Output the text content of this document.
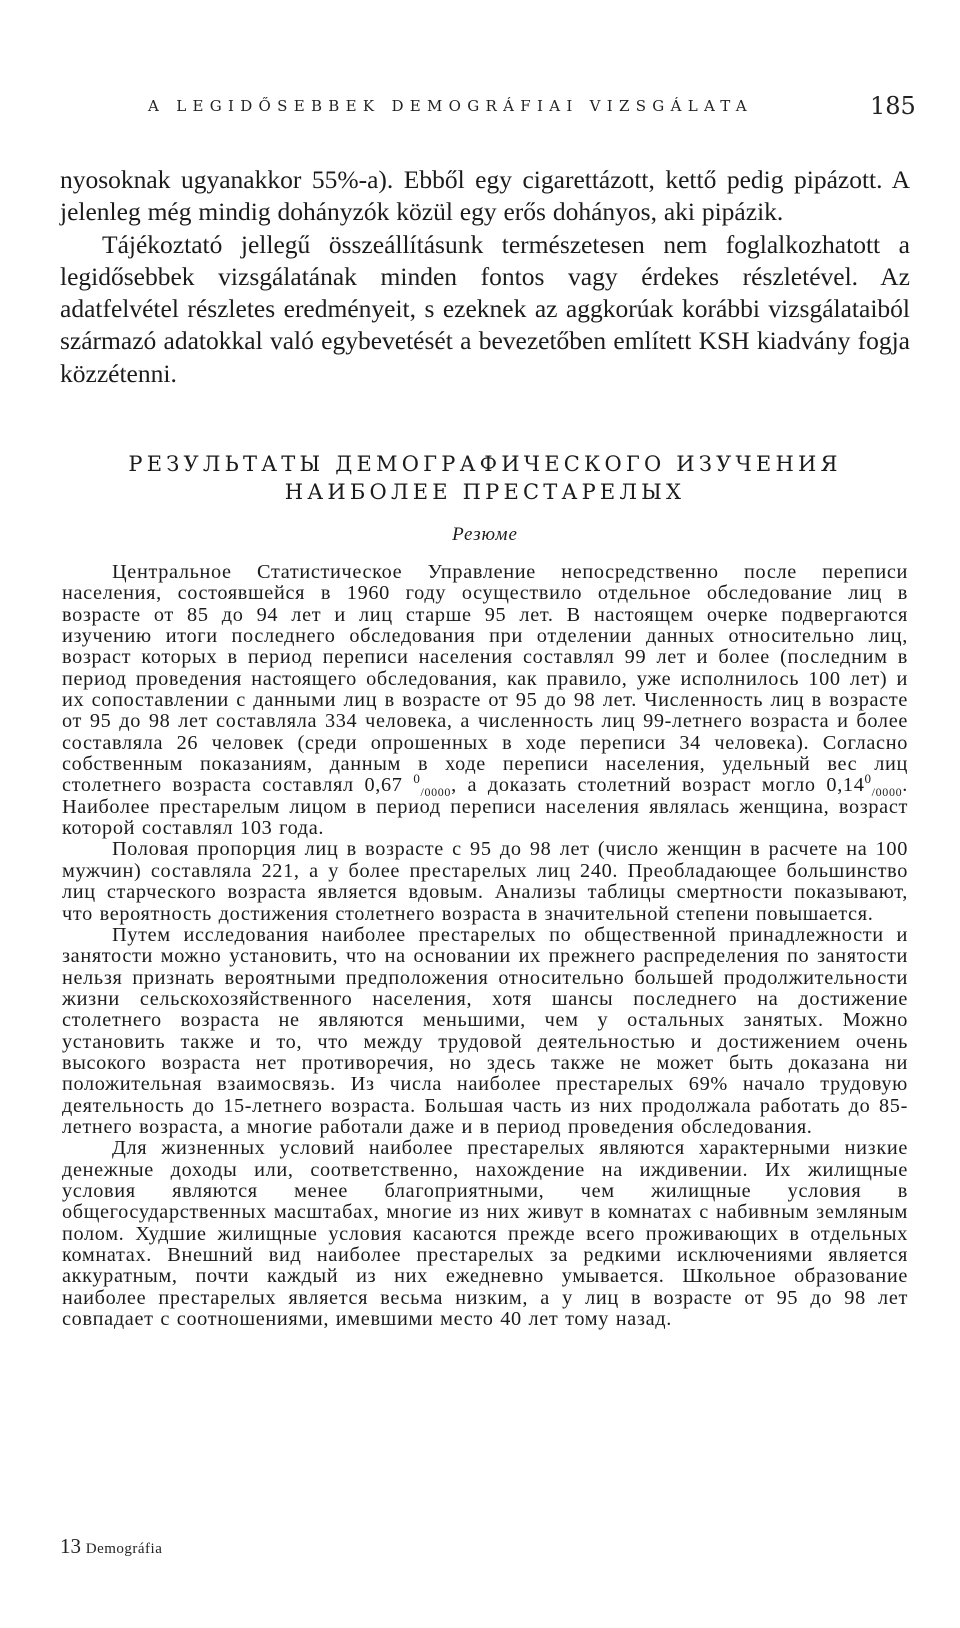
A LEGIDŐSEBBEK DEMOGRÁFIAI VIZSGÁLATA	185

nyosoknak ugyanakkor 55%-a). Ebből egy cigarettázott, kettő pedig pipázott. A jelenleg még mindig dohányzók közül egy erős dohányos, aki pipázik.

Tájékoztató jellegű összeállításunk természetesen nem foglalkozhatott a legidősebbek vizsgálatának minden fontos vagy érdekes részletével. Az adatfelvétel részletes eredményeit, s ezeknek az aggkorúak korábbi vizsgálataiból származó adatokkal való egybevetését a bevezetőben említett KSH kiadvány fogja közzétenni.

РЕЗУЛЬТАТЫ ДЕМОГРАФИЧЕСКОГО ИЗУЧЕНИЯ
НАИБОЛЕЕ ПРЕСТАРЕЛЫХ
Резюме

Центральное Статистическое Управление непосредственно после переписи населения, состоявшейся в 1960 году осуществило отдельное обследование лиц в возрасте от 85 до 94 лет и лиц старше 95 лет. В настоящем очерке подвергаются изучению итоги последнего обследования при отделении данных относительно лиц, возраст которых в период переписи населения составлял 99 лет и более (последним в период проведения настоящего обследования, как правило, уже исполнилось 100 лет) и их сопоставлении с данными лиц в возрасте от 95 до 98 лет. Численность лиц в возрасте от 95 до 98 лет составляла 334 человека, а численность лиц 99-летнего возраста и более составляла 26 человек (среди опрошенных в ходе переписи 34 человека). Согласно собственным показаниям, данным в ходе переписи населения, удельный вес лиц столетнего возраста составлял 0,67 $^0_{/0000}$, а доказать столетний возраст могло $0,14^0_{/0000}$. Наиболее престарелым лицом в период переписи населения являлась женщина, возраст которой составлял 103 года.

Половая пропорция лиц в возрасте с 95 до 98 лет (число женщин в расчете на 100 мужчин) составляла 221, а у более престарелых лиц 240. Преобладающее большинство лиц старческого возраста является вдовым. Анализы таблицы смертности показывают, что вероятность достижения столетнего возраста в значительной степени повышается.

Путем исследования наиболее престарелых по общественной принадлежности и занятости можно установить, что на основании их прежнего распределения по занятости нельзя признать вероятными предположения относительно большей продолжительности жизни сельскохозяйственного населения, хотя шансы последнего на достижение столетнего возраста не являются меньшими, чем у остальных занятых. Можно установить также и то, что между трудовой деятельностью и достижением очень высокого возраста нет противоречия, но здесь также не может быть доказана ни положительная взаимосвязь. Из числа наиболее престарелых 69% начало трудовую деятельность до 15-летнего возраста. Большая часть из них продолжала работать до 85-летнего возраста, а многие работали даже и в период проведения обследования.

Для жизненных условий наиболее престарелых являются характерными низкие денежные доходы или, соответственно, нахождение на иждивении. Их жилищные условия являются менее благоприятными, чем жилищные условия в общегосударственных масштабах, многие из них живут в комнатах с набивным земляным полом. Худшие жилищные условия касаются прежде всего проживающих в отдельных комнатах. Внешний вид наиболее престарелых за редкими исключениями является аккуратным, почти каждый из них ежедневно умывается. Школьное образование наиболее престарелых является весьма низким, а у лиц в возрасте от 95 до 98 лет совпадает с соотношениями, имевшими место 40 лет тому назад.

13 Demográfia
